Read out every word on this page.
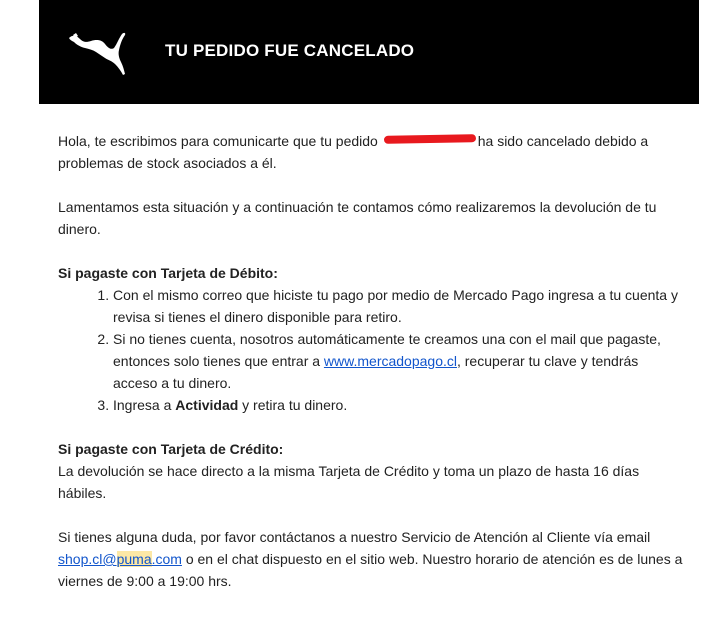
TU PEDIDO FUE CANCELADO

Hola, te escribimos para comunicarte que tu pedido	ha sido cancelado debido a problemas de stock asociados a él.

Lamentamos esta situación y a continuación te contamos cómo realizaremos la devolución de tu dinero.

Si pagaste con Tarjeta de Débito:
1. Con el mismo correo que hiciste tu pago por medio de Mercado Pago ingresa a tu cuenta y revisa si tienes el dinero disponible para retiro.
2. Si no tienes cuenta, nosotros automáticamente te creamos una con el mail que pagaste, entonces solo tienes que entrar a www.mercadopago.cl, recuperar tu clave y tendrás acceso a tu dinero.
3. Ingresa a Actividad y retira tu dinero.
Si pagaste con Tarjeta de Crédito:

La devolución se hace directo a la misma Tarjeta de Crédito y toma un plazo de hasta 16 días hábiles.

Si tienes alguna duda, por favor contáctanos a nuestro Servicio de Atención al Cliente vía email shop.cl@puma.com o en el chat dispuesto en el sitio web. Nuestro horario de atención es de lunes a viernes de 9:00 a 19:00 hrs.
